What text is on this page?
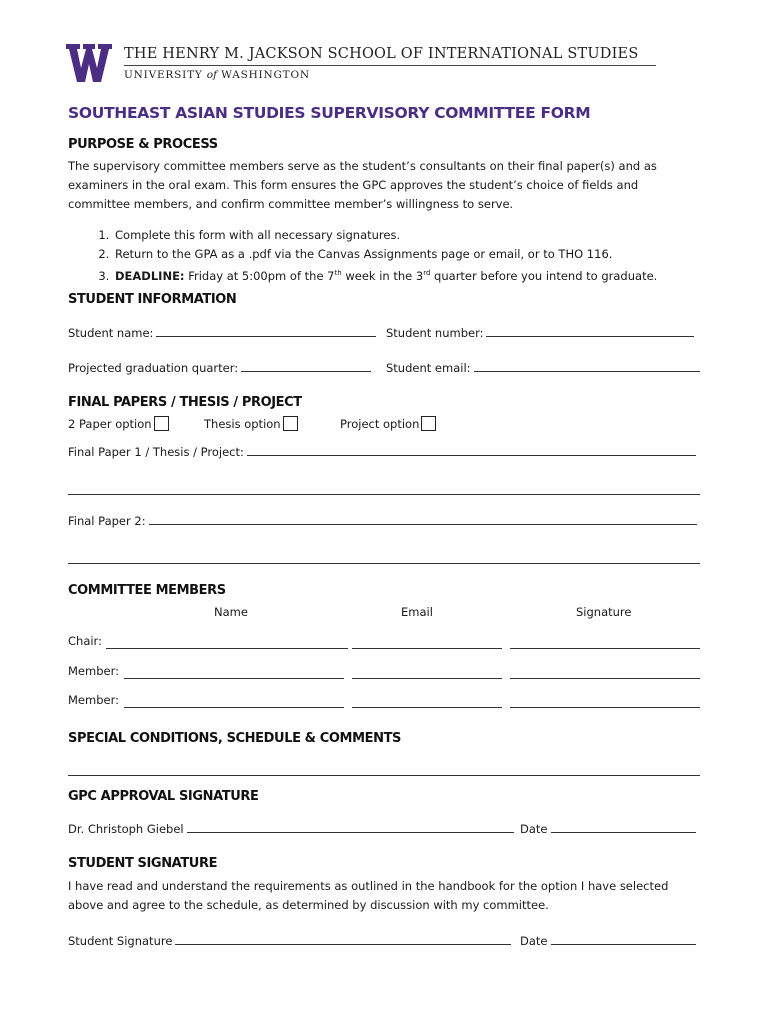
THE HENRY M. JACKSON SCHOOL OF INTERNATIONAL STUDIES
UNIVERSITY of WASHINGTON
SOUTHEAST ASIAN STUDIES SUPERVISORY COMMITTEE FORM
PURPOSE & PROCESS
The supervisory committee members serve as the student’s consultants on their final paper(s) and as
examiners in the oral exam. This form ensures the GPC approves the student’s choice of fields and
committee members, and confirm committee member’s willingness to serve.
1. Complete this form with all necessary signatures.
2. Return to the GPA as a .pdf via the Canvas Assignments page or email, or to THO 116.
3. DEADLINE: Friday at 5:00pm of the 7th week in the 3rd quarter before you intend to graduate.
STUDENT INFORMATION
Student name:	Student number:
Projected graduation quarter:	Student email:
FINAL PAPERS / THESIS / PROJECT
2 Paper option	Thesis option	Project option
Final Paper 1 / Thesis / Project:
Final Paper 2:
COMMITTEE MEMBERS
Name	Email	Signature
Chair:
Member:
Member:
SPECIAL CONDITIONS, SCHEDULE & COMMENTS
GPC APPROVAL SIGNATURE
Dr. Christoph Giebel	Date
STUDENT SIGNATURE
I have read and understand the requirements as outlined in the handbook for the option I have selected
above and agree to the schedule, as determined by discussion with my committee.
Student Signature	Date
